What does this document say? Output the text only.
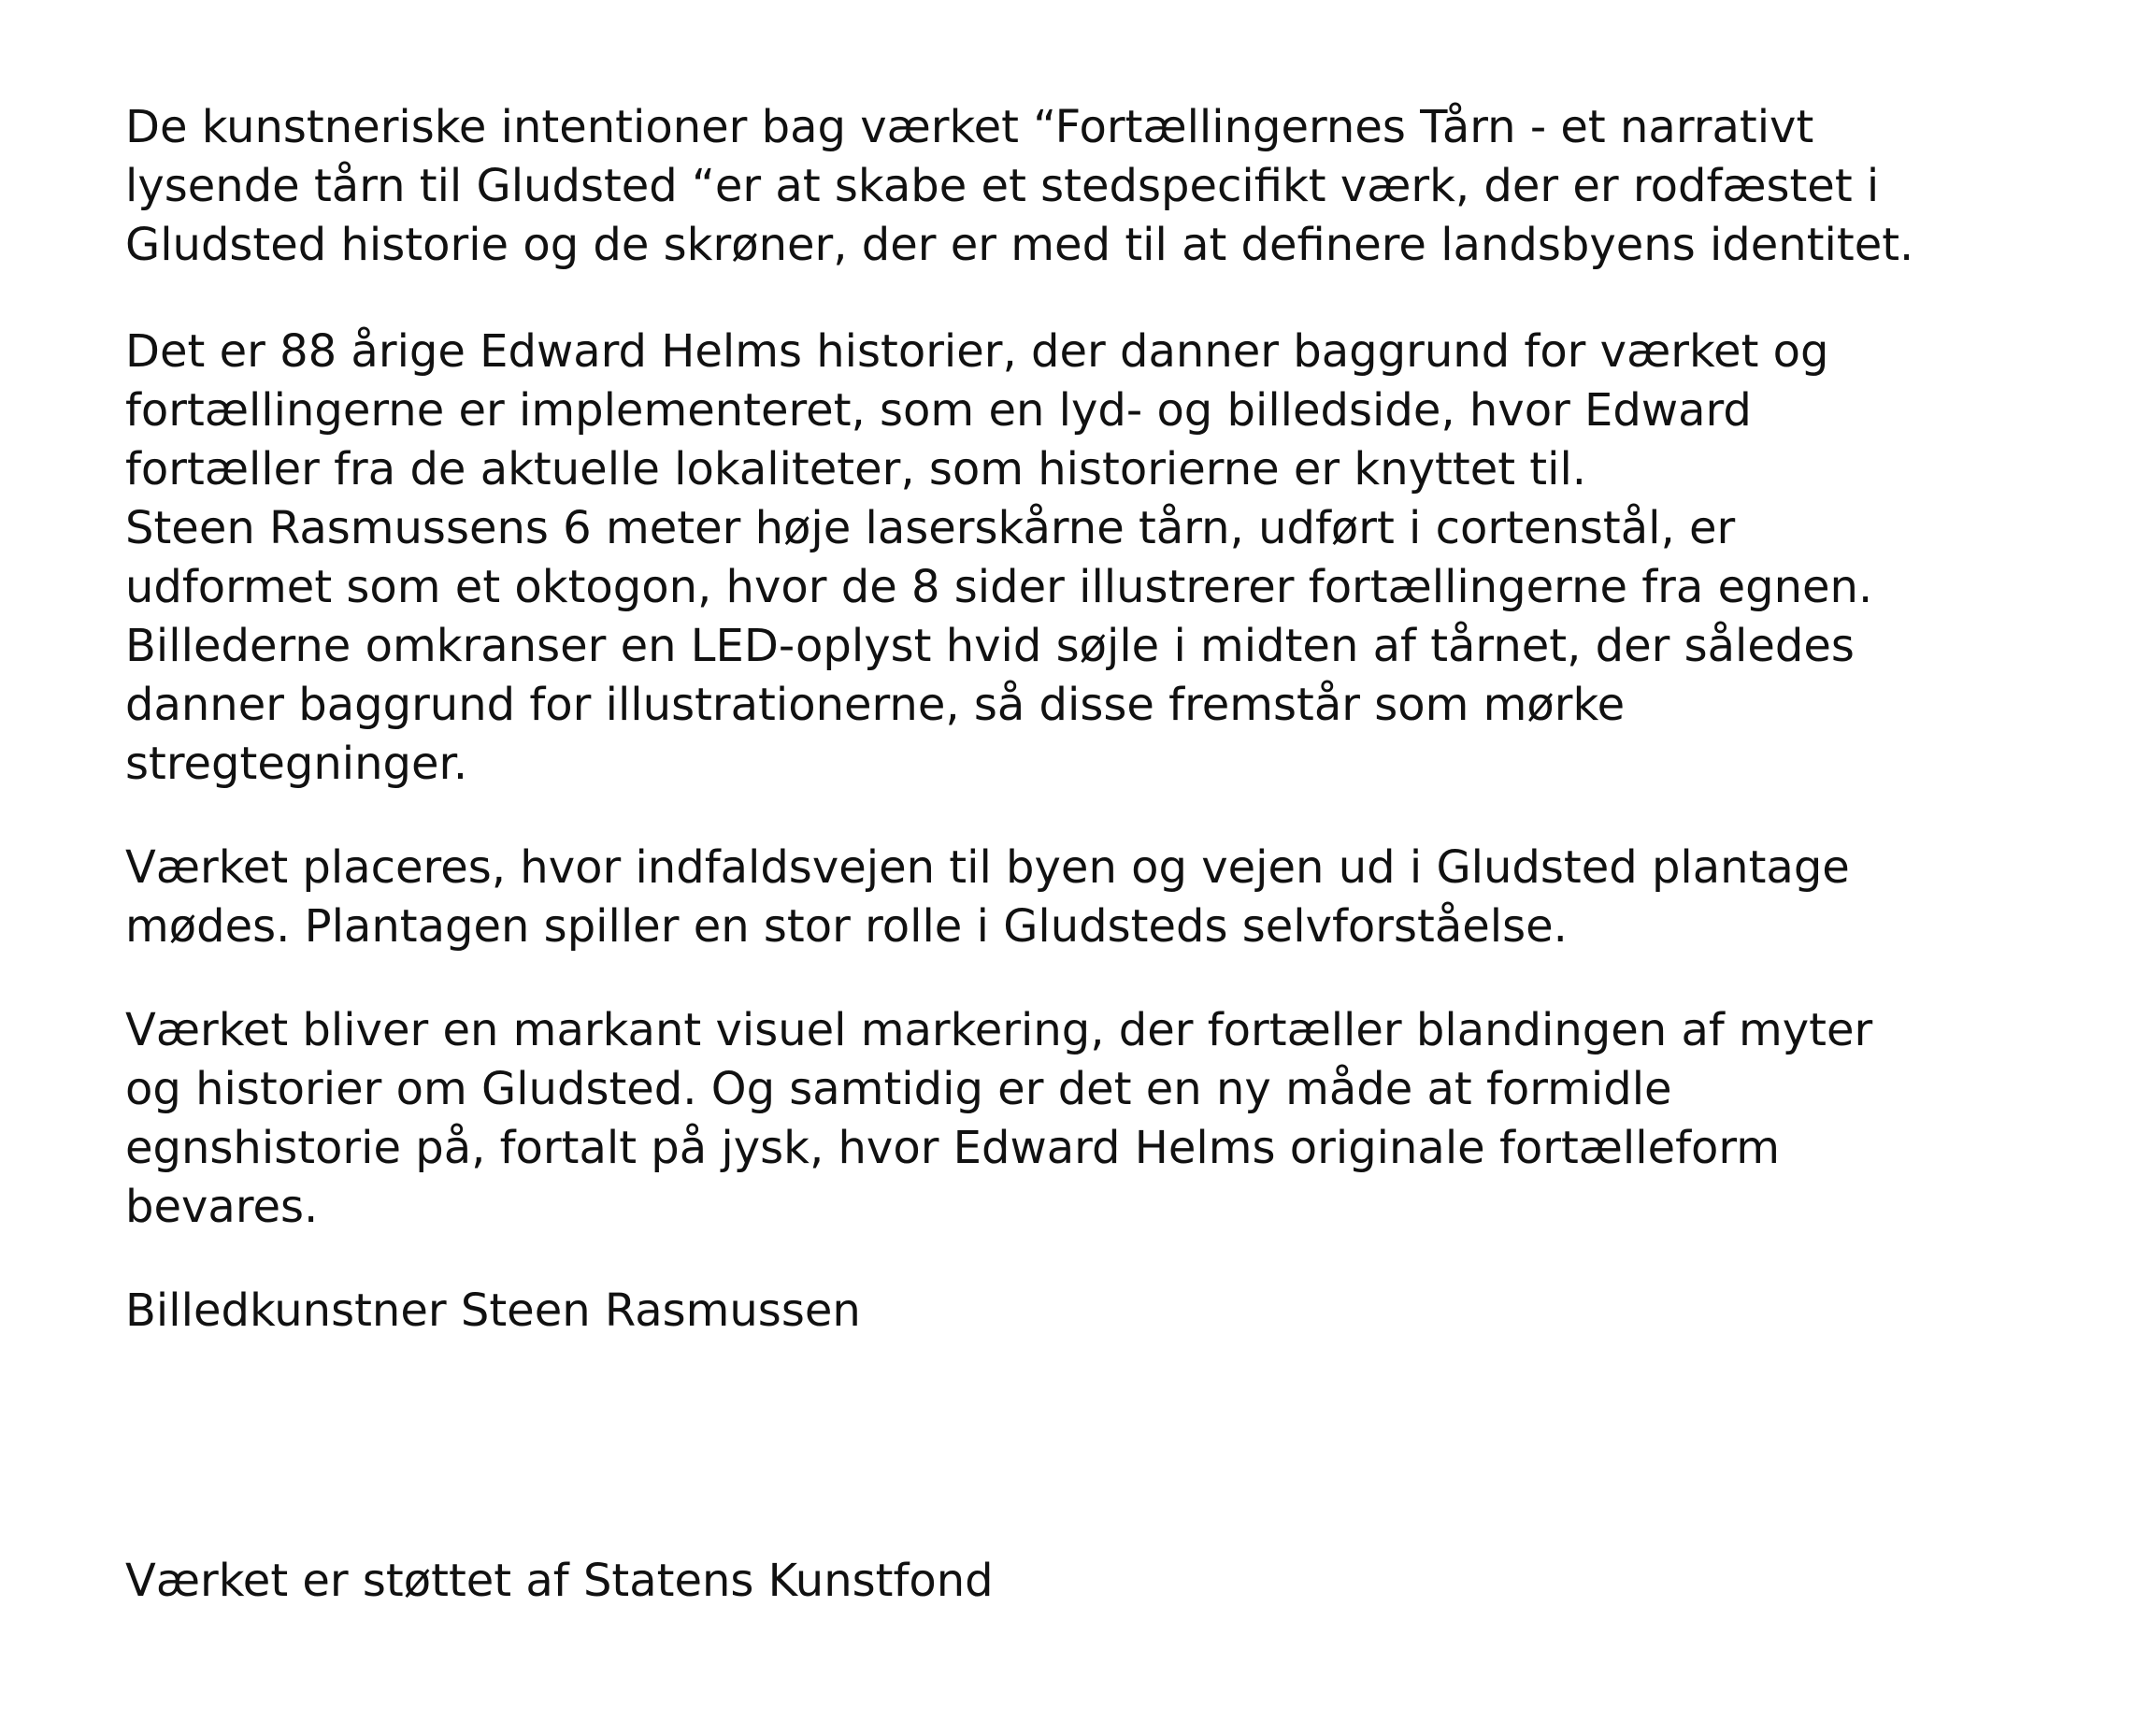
De kunstneriske intentioner bag værket “Fortællingernes Tårn - et narrativt
lysende tårn til Gludsted “er at skabe et stedspecifikt værk, der er rodfæstet i
Gludsted historie og de skrøner, der er med til at definere landsbyens identitet.
Det er 88 årige Edward Helms historier, der danner baggrund for værket og
fortællingerne er implementeret, som en lyd- og billedside, hvor Edward
fortæller fra de aktuelle lokaliteter, som historierne er knyttet til.
Steen Rasmussens 6 meter høje laserskårne tårn, udført i cortenstål, er
udformet som et oktogon, hvor de 8 sider illustrerer fortællingerne fra egnen.
Billederne omkranser en LED-oplyst hvid søjle i midten af tårnet, der således
danner baggrund for illustrationerne, så disse fremstår som mørke
stregtegninger.
Værket placeres, hvor indfaldsvejen til byen og vejen ud i Gludsted plantage
mødes. Plantagen spiller en stor rolle i Gludsteds selvforståelse.
Værket bliver en markant visuel markering, der fortæller blandingen af myter
og historier om Gludsted. Og samtidig er det en ny måde at formidle
egnshistorie på, fortalt på jysk, hvor Edward Helms originale fortælleform
bevares.
Billedkunstner Steen Rasmussen
Værket er støttet af Statens Kunstfond
